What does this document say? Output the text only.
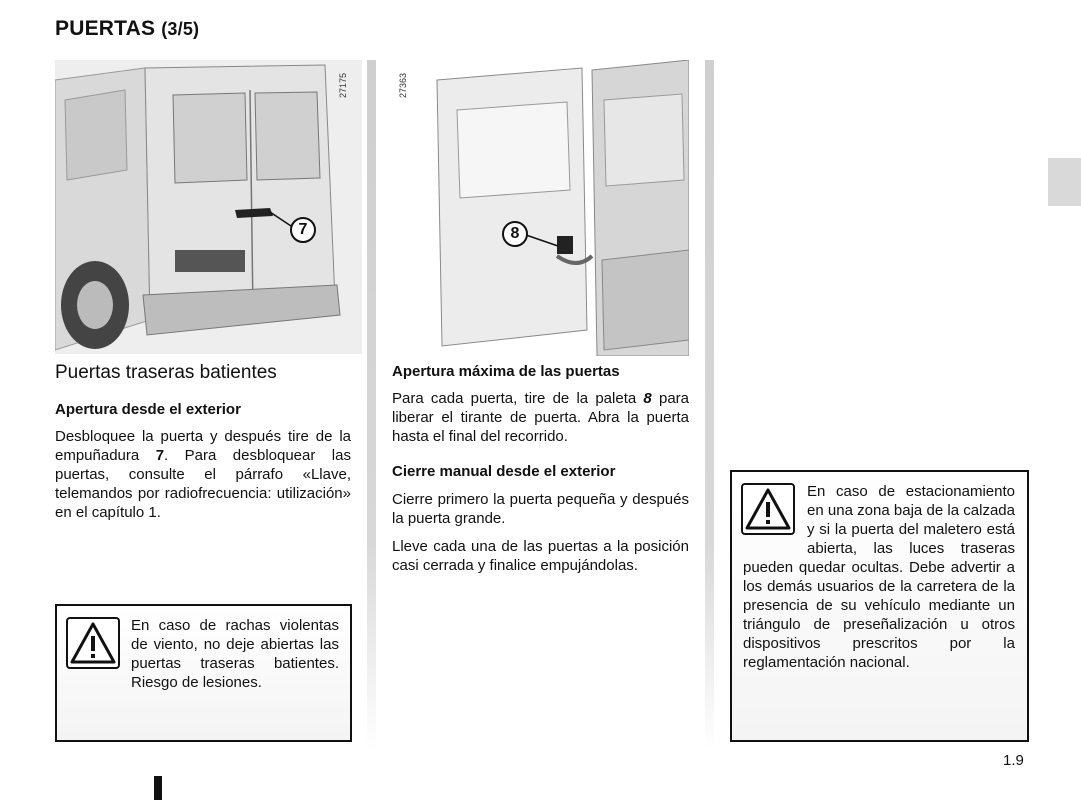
PUERTAS (3/5)
7
27175
8
27363
Puertas traseras batientes
Apertura desde el exterior

Desbloquee la puerta y después tire de la empuñadura 7. Para desbloquear las puertas, consulte el párrafo «Llave, telemandos por radiofrecuencia: utilización» en el capítulo 1.

En caso de rachas violentas de viento, no deje abiertas las puertas traseras batientes. Riesgo de lesiones.
Apertura máxima de las puertas

Para cada puerta, tire de la paleta 8 para liberar el tirante de puerta. Abra la puerta hasta el final del recorrido.

Cierre manual desde el exterior

Cierre primero la puerta pequeña y después la puerta grande.

Lleve cada una de las puertas a la posición casi cerrada y finalice empujándolas.

En caso de estacionamiento en una zona baja de la calzada y si la puerta del maletero está abierta, las luces traseras pueden quedar ocultas. Debe advertir a los demás usuarios de la carretera de la presencia de su vehículo mediante un triángulo de preseñalización u otros dispositivos prescritos por la reglamentación nacional.
1.9
